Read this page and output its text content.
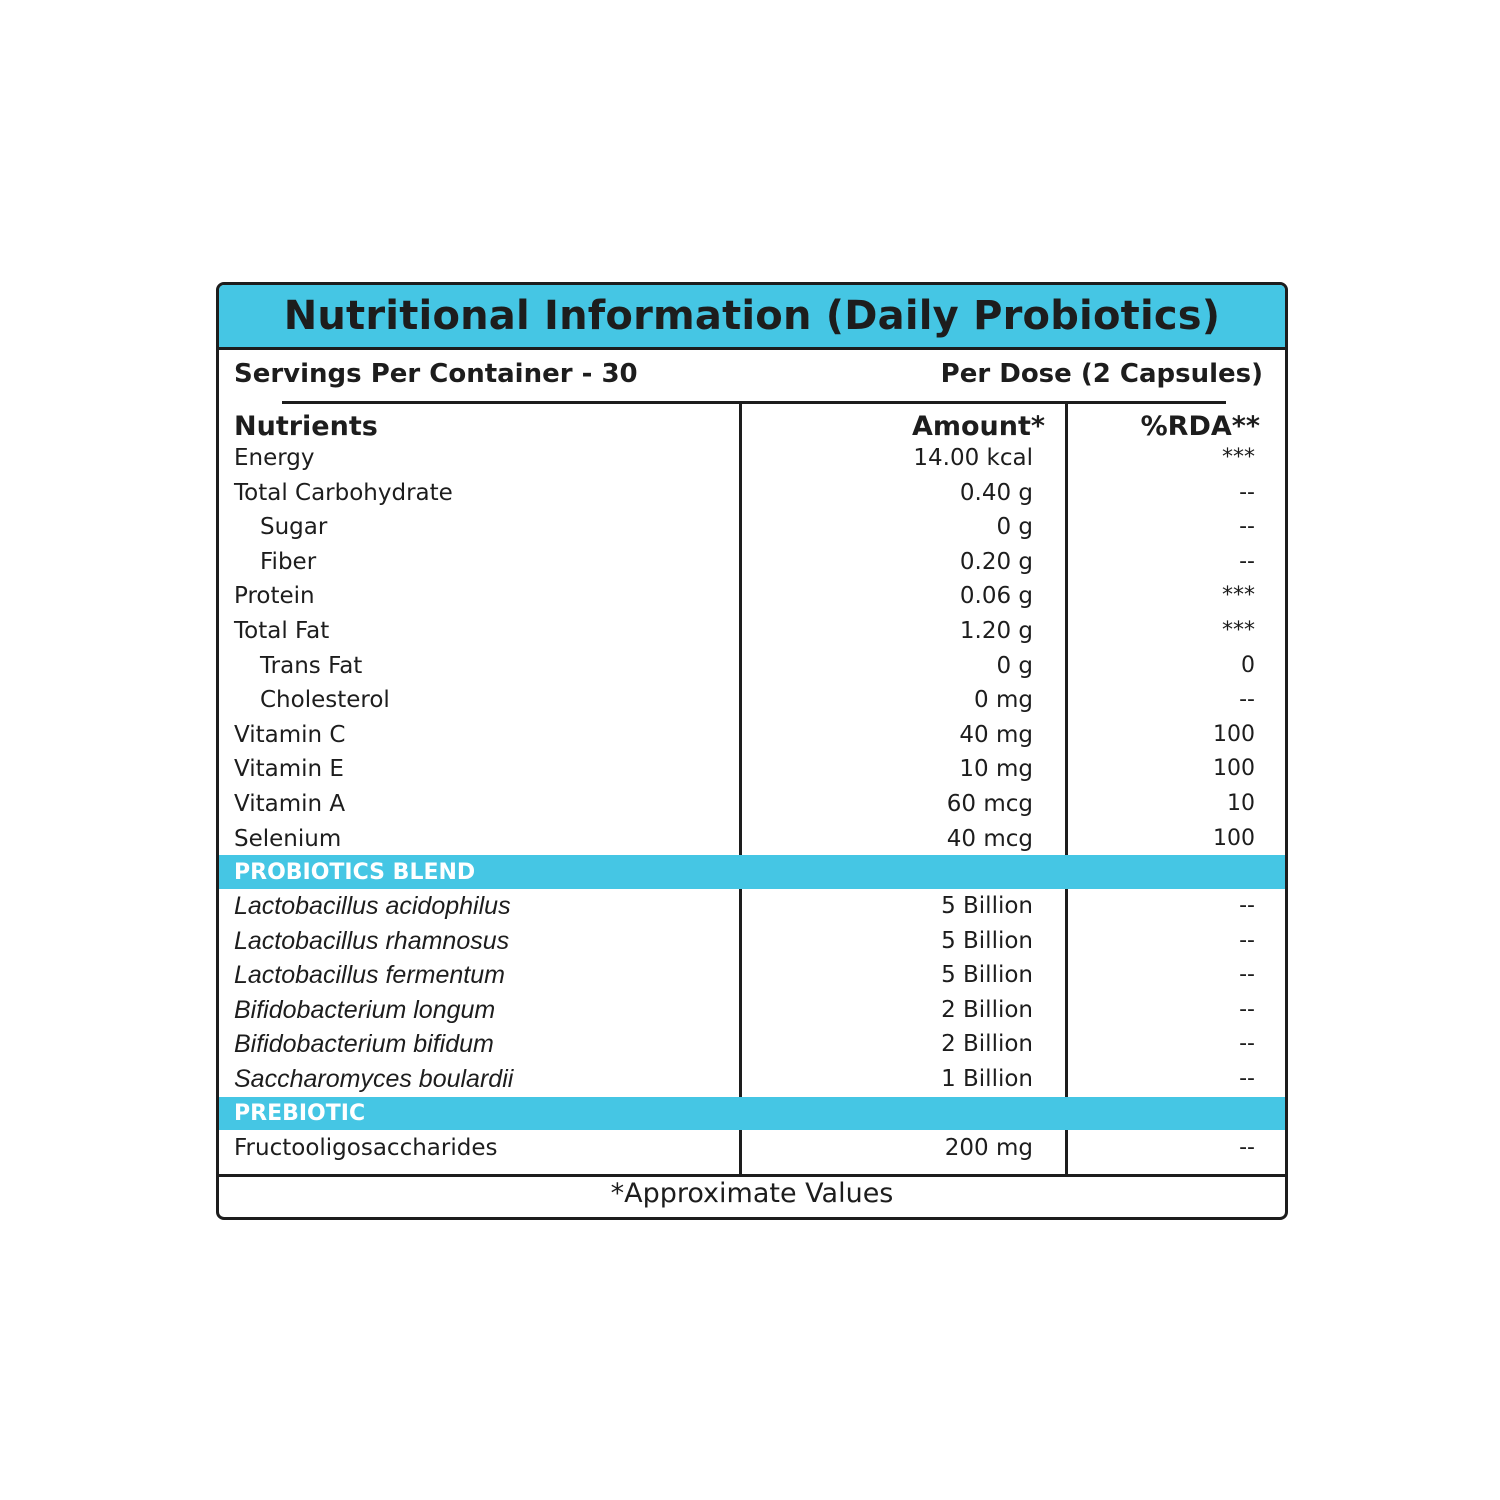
Nutritional Information (Daily Probiotics)
Servings Per Container - 30	Per Dose (2 Capsules)
Nutrients	Amount*	%RDA**
Energy	14.00 kcal	***
Total Carbohydrate	0.40 g	--
Sugar	0 g	--
Fiber	0.20 g	--
Protein	0.06 g	***
Total Fat	1.20 g	***
Trans Fat	0 g	0
Cholesterol	0 mg	--
Vitamin C	40 mg	100
Vitamin E	10 mg	100
Vitamin A	60 mcg	10
Selenium	40 mcg	100
PROBIOTICS BLEND
Lactobacillus acidophilus	5 Billion	--
Lactobacillus rhamnosus	5 Billion	--
Lactobacillus fermentum	5 Billion	--
Bifidobacterium longum	2 Billion	--
Bifidobacterium bifidum	2 Billion	--
Saccharomyces boulardii	1 Billion	--
PREBIOTIC
Fructooligosaccharides	200 mg	--
*Approximate Values
